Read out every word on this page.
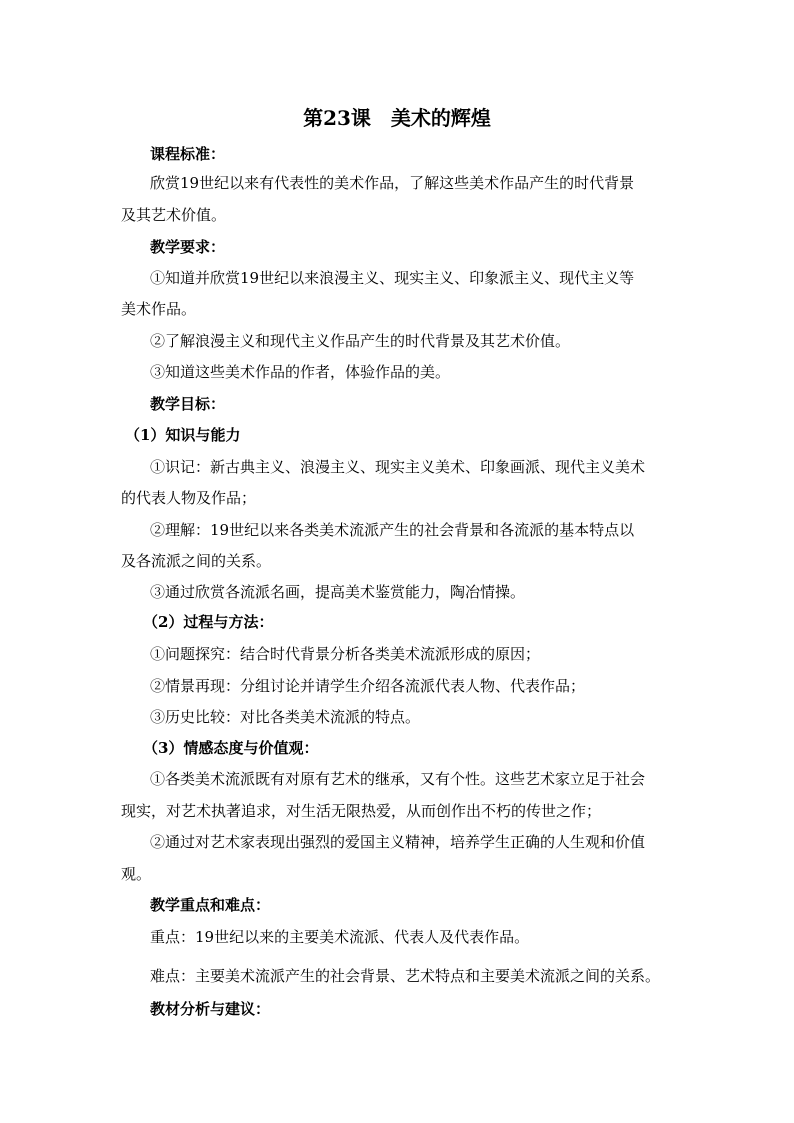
第23课　美术的辉煌
课程标准：
欣赏19世纪以来有代表性的美术作品，了解这些美术作品产生的时代背景
及其艺术价值。
教学要求：
①知道并欣赏19世纪以来浪漫主义、现实主义、印象派主义、现代主义等
美术作品。
②了解浪漫主义和现代主义作品产生的时代背景及其艺术价值。
③知道这些美术作品的作者，体验作品的美。
教学目标：
（1）知识与能力
①识记：新古典主义、浪漫主义、现实主义美术、印象画派、现代主义美术
的代表人物及作品；
②理解：19世纪以来各类美术流派产生的社会背景和各流派的基本特点以
及各流派之间的关系。
③通过欣赏各流派名画，提高美术鉴赏能力，陶冶情操。
（2）过程与方法：
①问题探究：结合时代背景分析各类美术流派形成的原因；
②情景再现：分组讨论并请学生介绍各流派代表人物、代表作品；
③历史比较：对比各类美术流派的特点。
（3）情感态度与价值观：
①各类美术流派既有对原有艺术的继承，又有个性。这些艺术家立足于社会
现实，对艺术执著追求，对生活无限热爱，从而创作出不朽的传世之作；
②通过对艺术家表现出强烈的爱国主义精神，培养学生正确的人生观和价值
观。
教学重点和难点：
重点：19世纪以来的主要美术流派、代表人及代表作品。
难点：主要美术流派产生的社会背景、艺术特点和主要美术流派之间的关系。
教材分析与建议：
